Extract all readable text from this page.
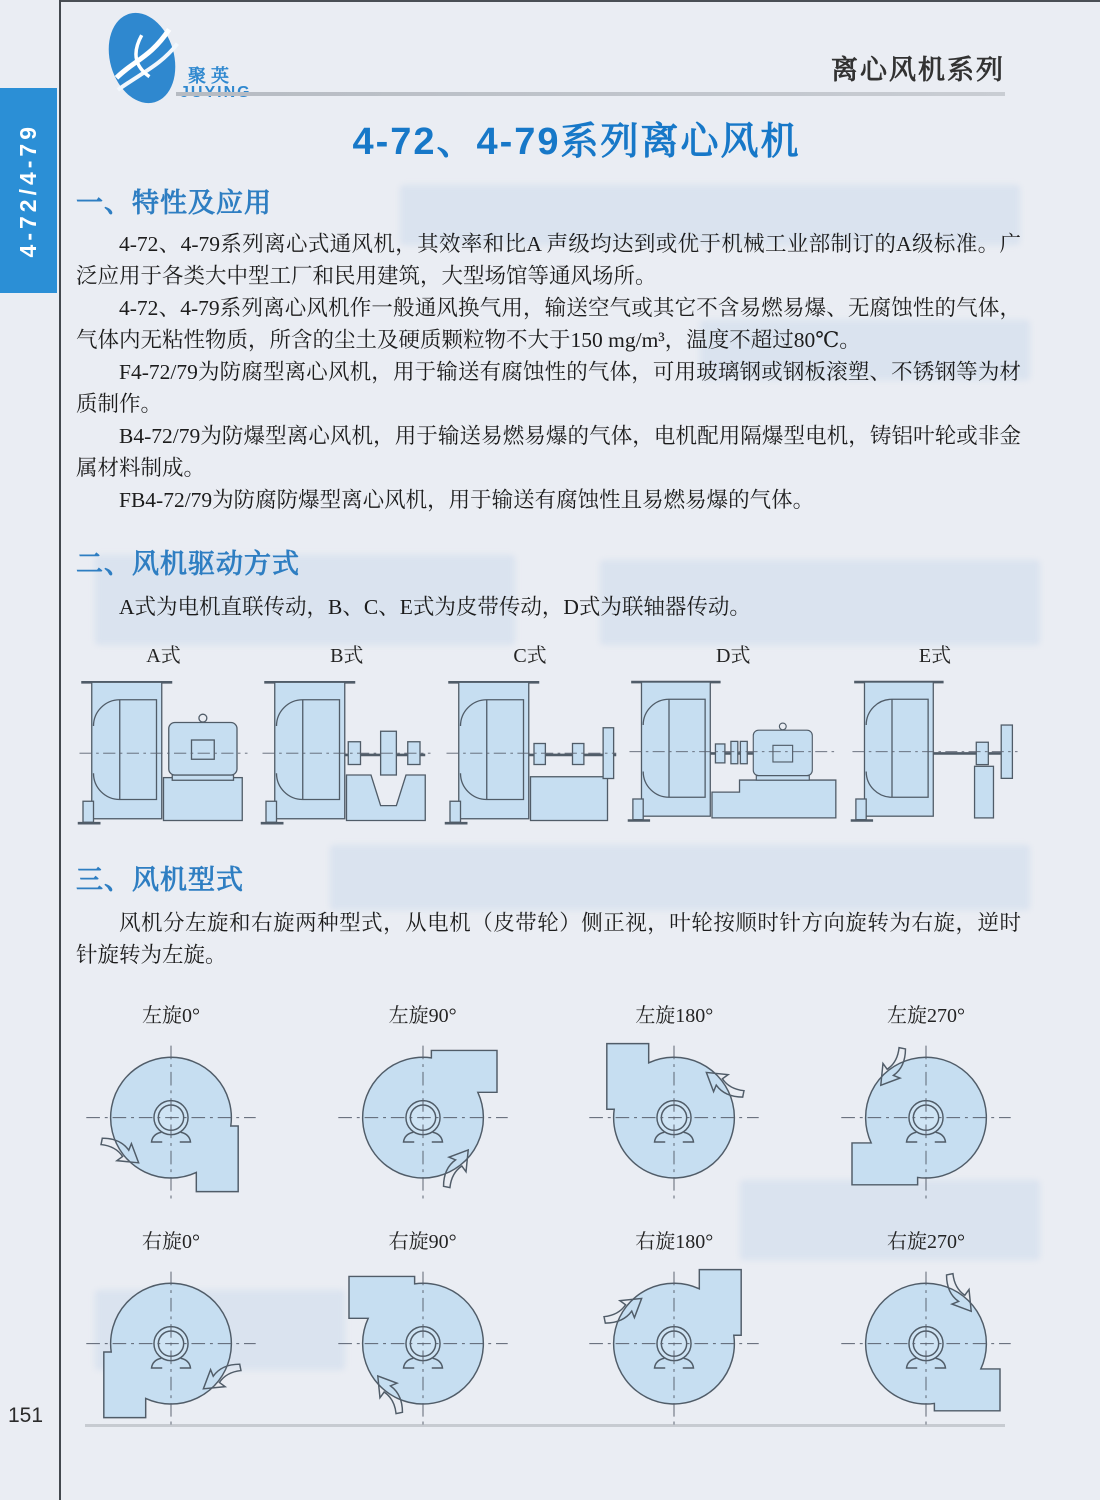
4-72/4-79
151
聚英	离心风机系列
4-72、4-79系列离心风机
一、特性及应用

4-72、4-79系列离心式通风机，其效率和比A 声级均达到或优于机械工业部制订的A级标准。广泛应用于各类大中型工厂和民用建筑，大型场馆等通风场所。

4-72、4-79系列离心风机作一般通风换气用，输送空气或其它不含易燃易爆、无腐蚀性的气体，气体内无粘性物质，所含的尘土及硬质颗粒物不大于150 mg/m³，温度不超过80℃。

F4-72/79为防腐型离心风机，用于输送有腐蚀性的气体，可用玻璃钢或钢板滚塑、不锈钢等为材质制作。

B4-72/79为防爆型离心风机，用于输送易燃易爆的气体，电机配用隔爆型电机，铸铝叶轮或非金属材料制成。

FB4-72/79为防腐防爆型离心风机，用于输送有腐蚀性且易燃易爆的气体。

二、风机驱动方式

A式为电机直联传动，B、C、E式为皮带传动，D式为联轴器传动。

A式	B式	C式	D式	E式
三、风机型式

风机分左旋和右旋两种型式，从电机（皮带轮）侧正视，叶轮按顺时针方向旋转为右旋，逆时针旋转为左旋。

左旋0°	左旋90°	左旋180°	左旋270°
右旋0°	右旋90°	右旋180°	右旋270°
